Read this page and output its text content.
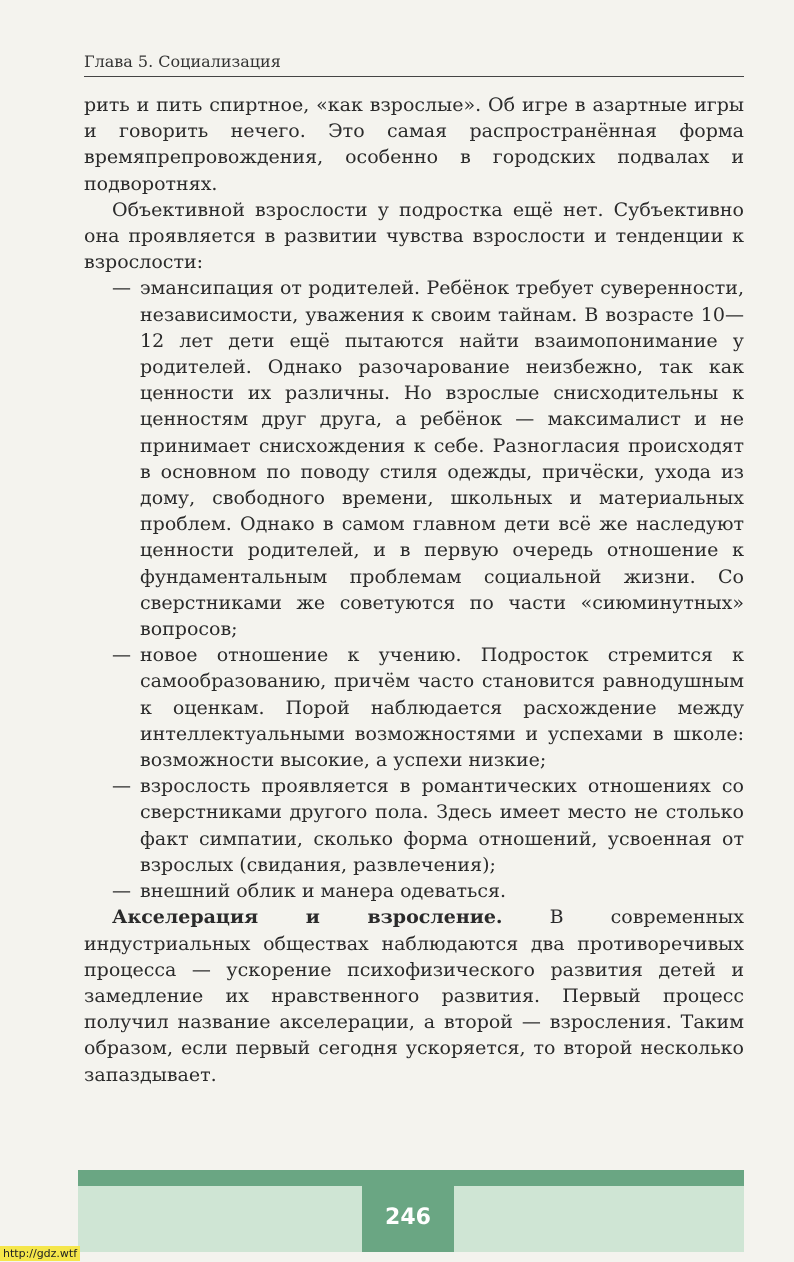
Глава 5. Социализация

рить и пить спиртное, «как взрослые». Об игре в азартные игры и говорить нечего. Это самая распространённая форма времяпрепровождения, особенно в городских подвалах и подворотнях.

Объективной взрослости у подростка ещё нет. Субъективно она проявляется в развитии чувства взрослости и тенденции к взрослости:

— эмансипация от родителей. Ребёнок требует суверенности, независимости, уважения к своим тайнам. В возрасте 10—12 лет дети ещё пытаются найти взаимопонимание у родителей. Однако разочарование неизбежно, так как ценности их различны. Но взрослые снисходительны к ценностям друг друга, а ребёнок — максималист и не принимает снисхождения к себе. Разногласия происходят в основном по поводу стиля одежды, причёски, ухода из дому, свободного времени, школьных и материальных проблем. Однако в самом главном дети всё же наследуют ценности родителей, и в первую очередь отношение к фундаментальным проблемам социальной жизни. Со сверстниками же советуются по части «сиюминутных» вопросов;
— новое отношение к учению. Подросток стремится к самообразованию, причём часто становится равнодушным к оценкам. Порой наблюдается расхождение между интеллектуальными возможностями и успехами в школе: возможности высокие, а успехи низкие;
— взрослость проявляется в романтических отношениях со сверстниками другого пола. Здесь имеет место не столько факт симпатии, сколько форма отношений, усвоенная от взрослых (свидания, развлечения);
— внешний облик и манера одеваться.

Акселерация и взросление. В современных индустриальных обществах наблюдаются два противоречивых процесса — ускорение психофизического развития детей и замедление их нравственного развития. Первый процесс получил название акселерации, а второй — взросления. Таким образом, если первый сегодня ускоряется, то второй несколько запаздывает.

246
http://gdz.wtf
